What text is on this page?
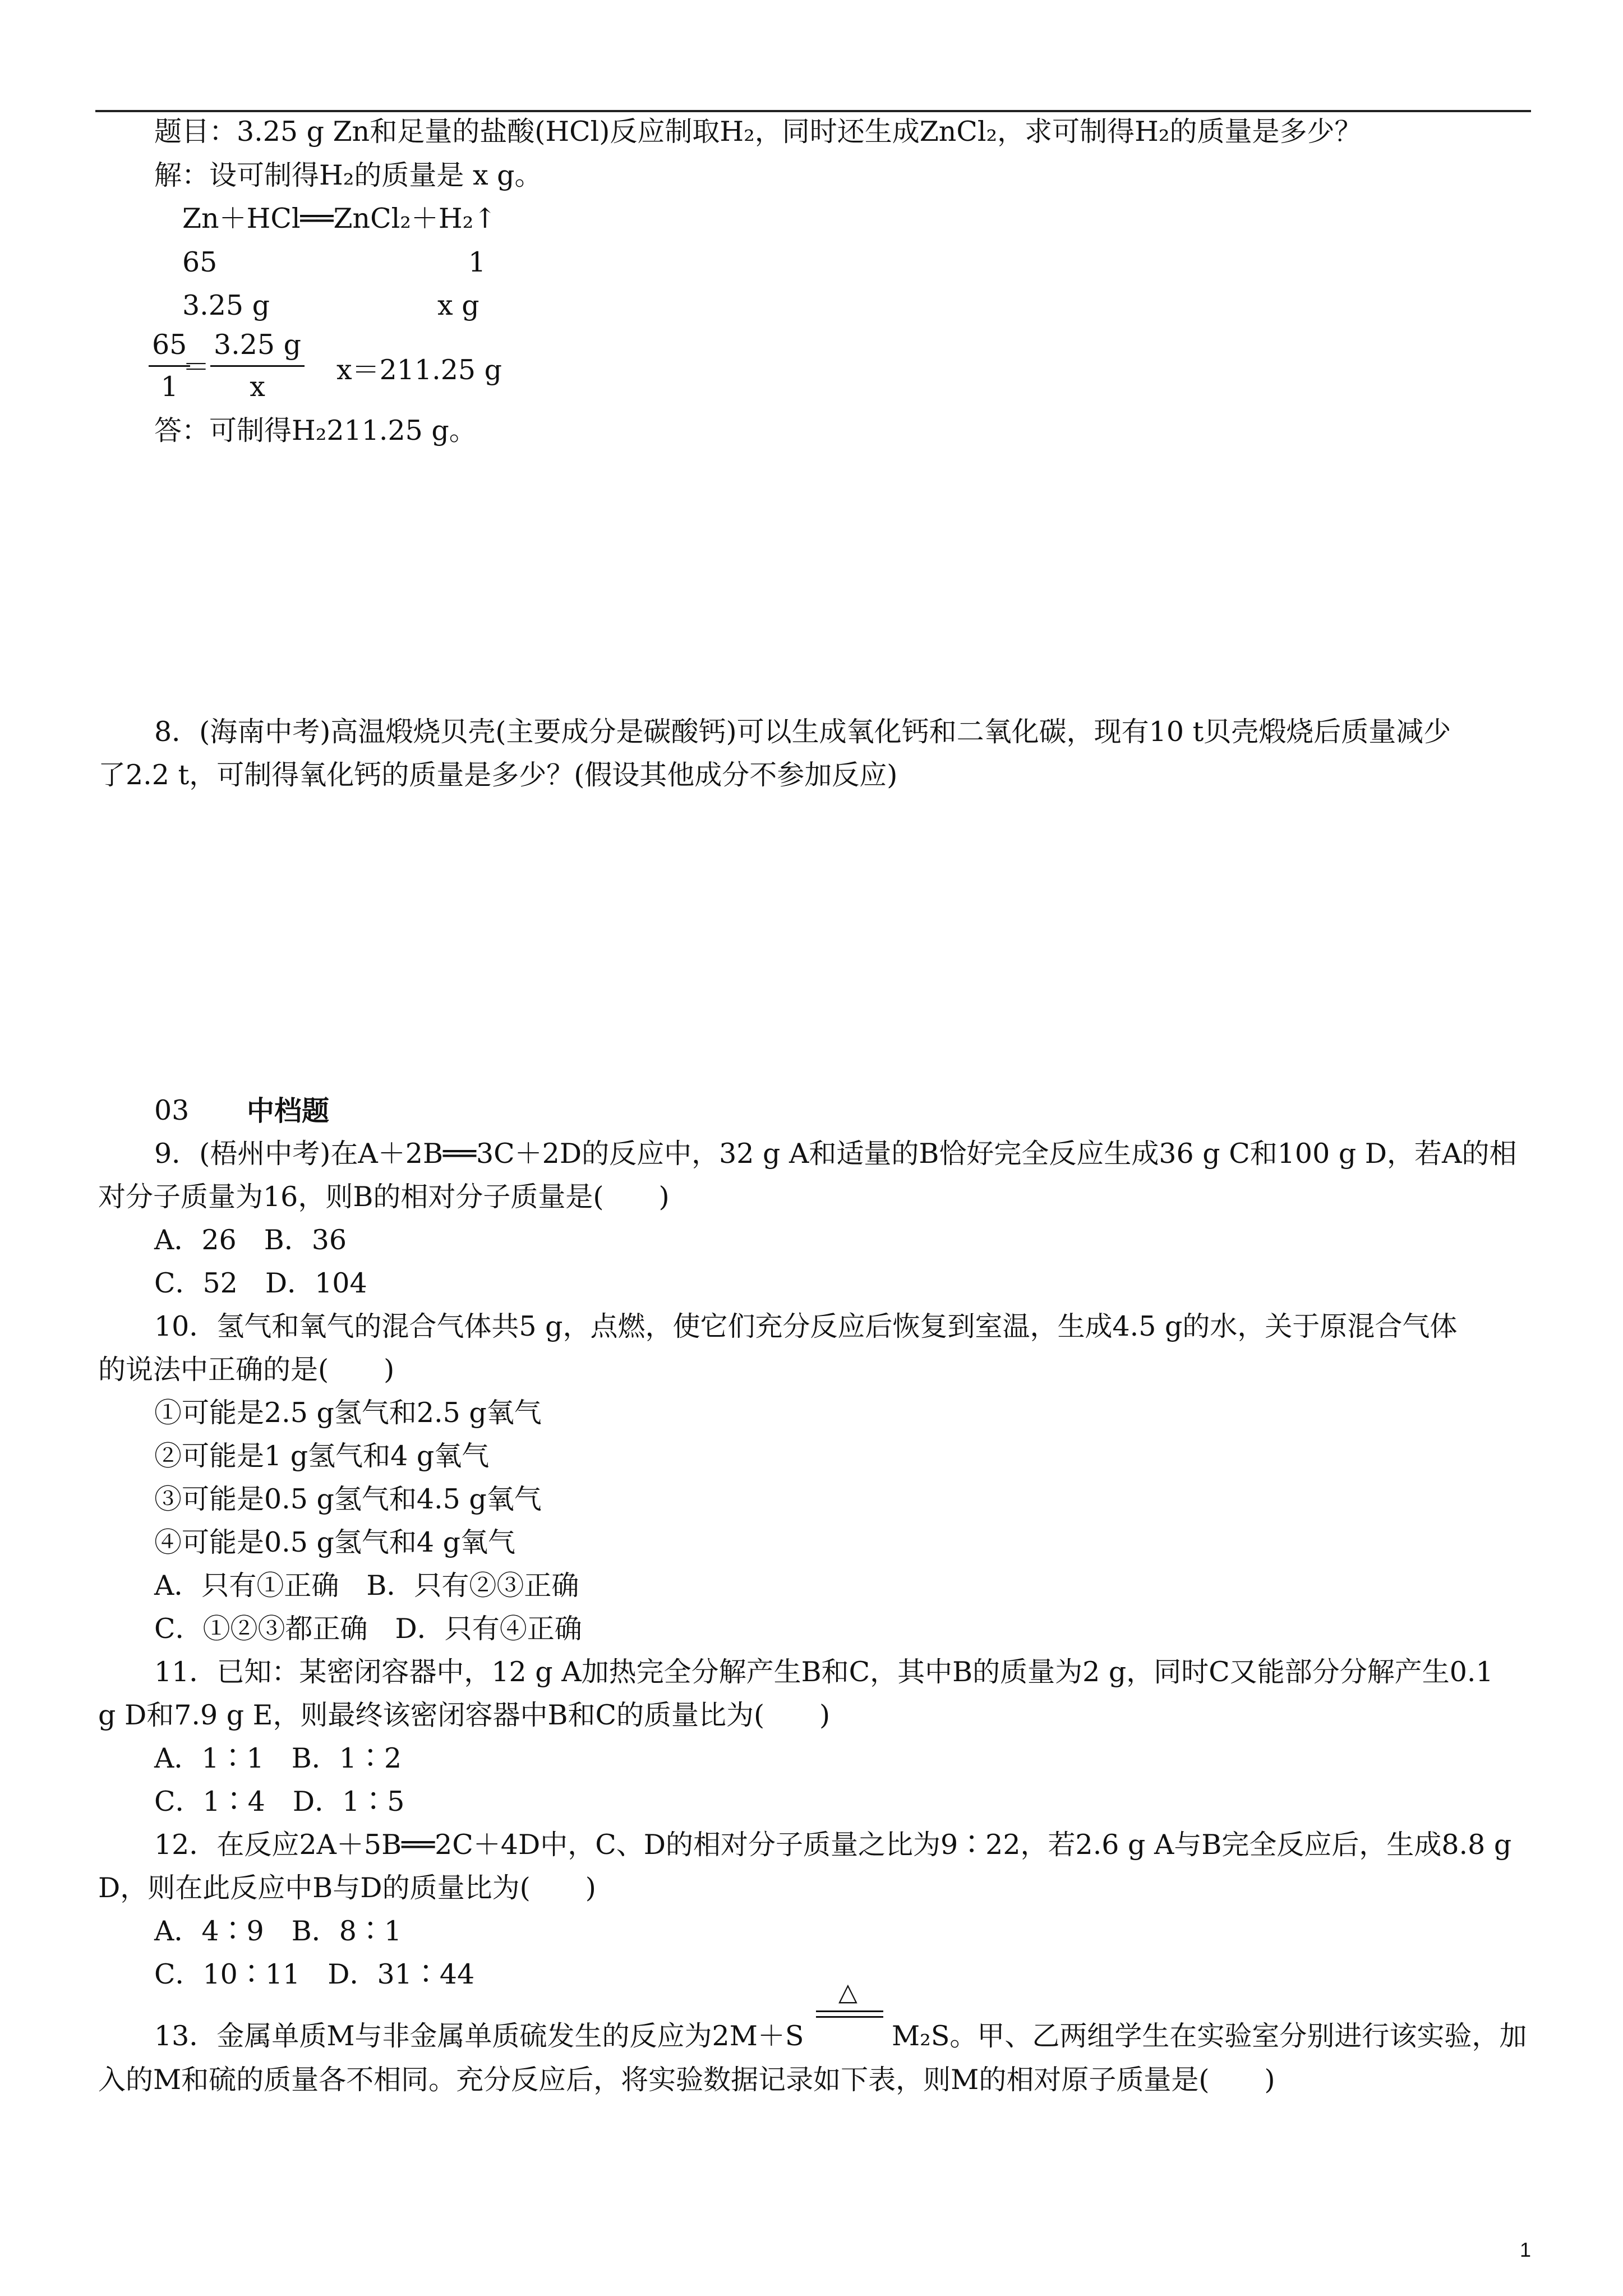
题目：3.25 g Zn和足量的盐酸(HCl)反应制取H₂，同时还生成ZnCl₂，求可制得H₂的质量是多少？
解：设可制得H₂的质量是 x g。
Zn＋HCl══ZnCl₂＋H₂↑
65	1
3.25 g	x g
$\frac{65}{1}$
＝ $\frac{3.25 g}{x} x=211.25$ g
答：可制得H₂211.25 g。
8．(海南中考)高温煅烧贝壳(主要成分是碳酸钙)可以生成氧化钙和二氧化碳，现有10 t贝壳煅烧后质量减少
了2.2 t，可制得氧化钙的质量是多少？(假设其他成分不参加反应)
03 中档题
9．(梧州中考)在A＋2B══3C＋2D的反应中，32 g A和适量的B恰好完全反应生成36 g C和100 g D，若A的相
对分子质量为16，则B的相对分子质量是(　　)
A．26　B．36
C．52　D．104
10．氢气和氧气的混合气体共5 g，点燃，使它们充分反应后恢复到室温，生成4.5 g的水，关于原混合气体
的说法中正确的是(　　)
①可能是2.5 g氢气和2.5 g氧气
②可能是1 g氢气和4 g氧气
③可能是0.5 g氢气和4.5 g氧气
④可能是0.5 g氢气和4 g氧气
A．只有①正确　B．只有②③正确
C．①②③都正确　D．只有④正确
11．已知：某密闭容器中，12 g A加热完全分解产生B和C，其中B的质量为2 g，同时C又能部分分解产生0.1
g D和7.9 g E，则最终该密闭容器中B和C的质量比为(　　)
A．1∶1　B．1∶2
C．1∶4　D．1∶5
12．在反应2A＋5B══2C＋4D中，C、D的相对分子质量之比为9∶22，若2.6 g A与B完全反应后，生成8.8 g
D，则在此反应中B与D的质量比为(　　)
A．4∶9　B．8∶1
C．10∶11　D．31∶44
13．金属单质M与非金属单质硫发生的反应为2M＋S
△
M₂S。甲、乙两组学生在实验室分别进行该实验，加
入的M和硫的质量各不相同。充分反应后，将实验数据记录如下表，则M的相对原子质量是(　　)
1
